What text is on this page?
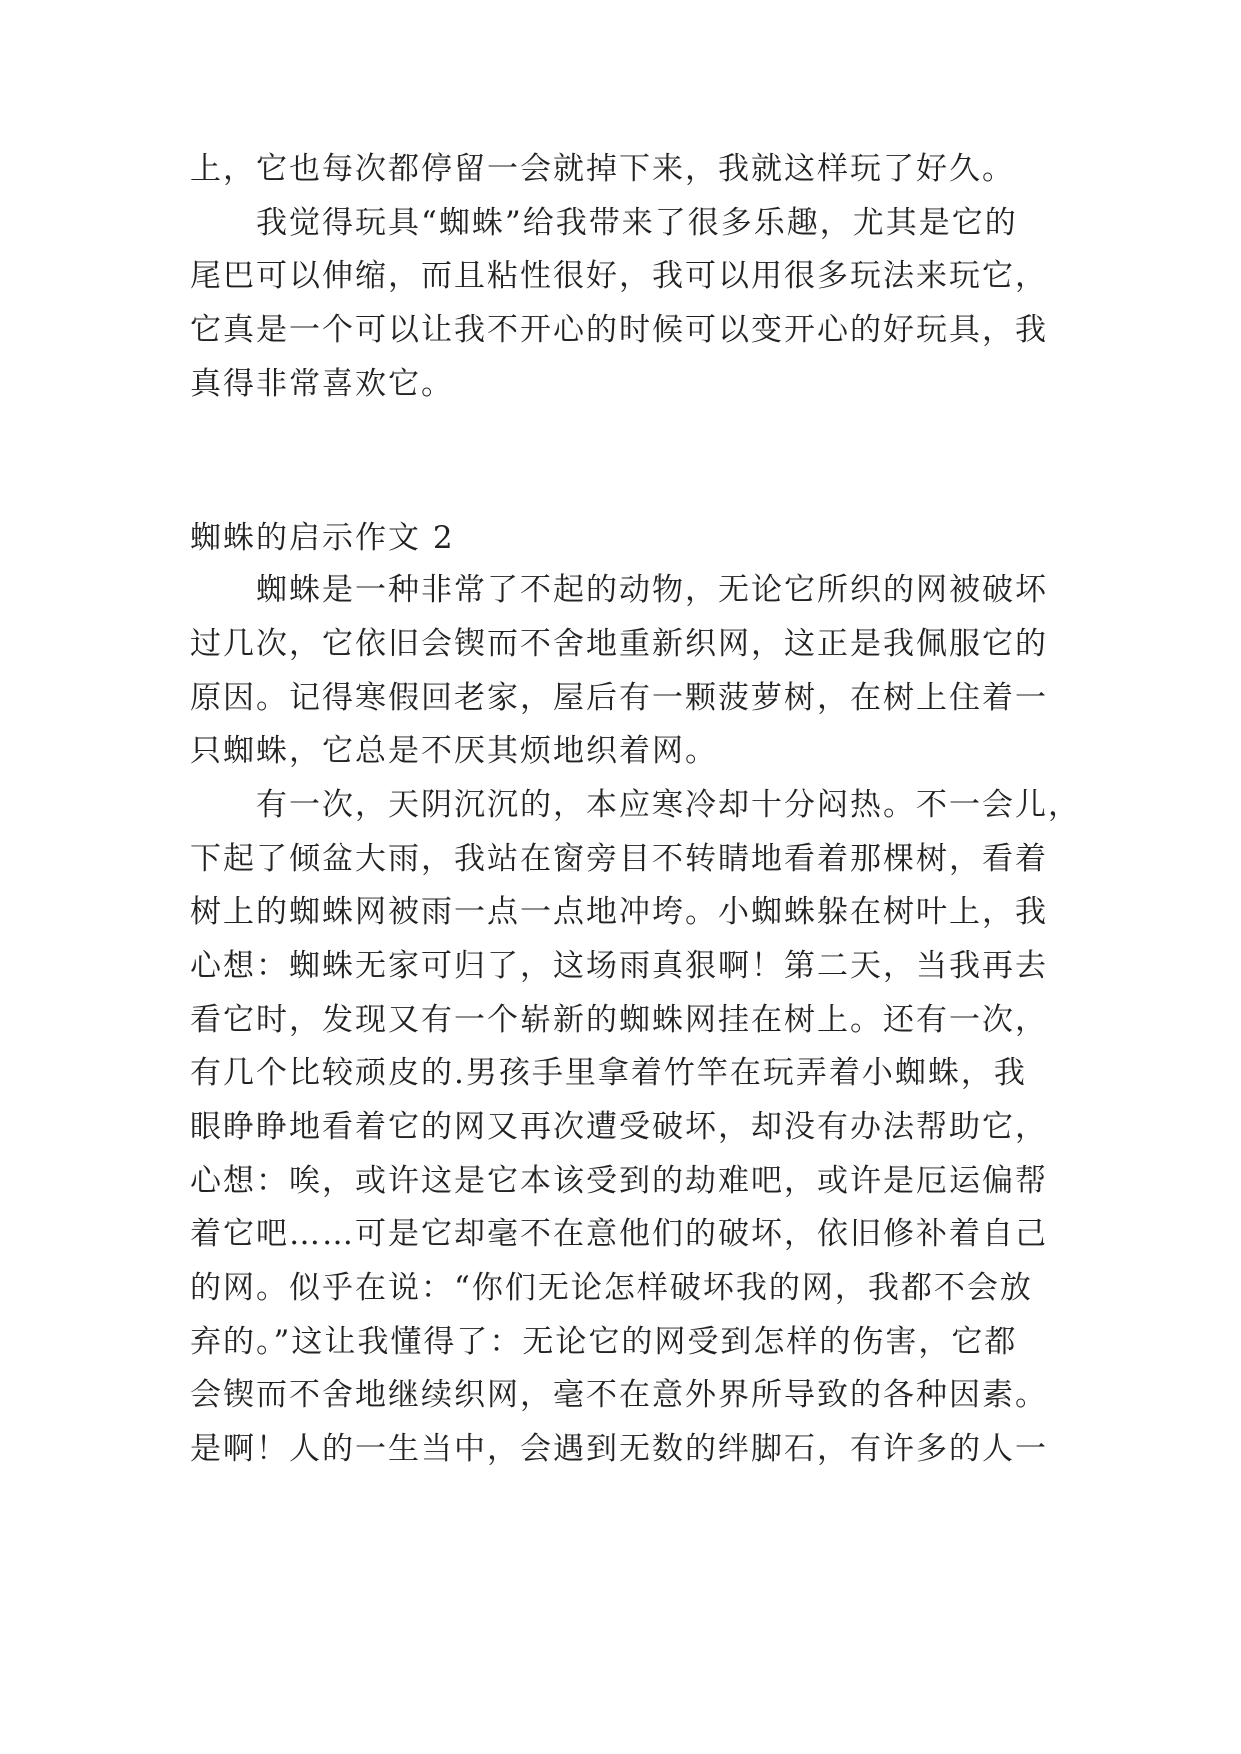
上，它也每次都停留一会就掉下来，我就这样玩了好久。
我觉得玩具“蜘蛛”给我带来了很多乐趣，尤其是它的
尾巴可以伸缩，而且粘性很好，我可以用很多玩法来玩它，
它真是一个可以让我不开心的时候可以变开心的好玩具，我
真得非常喜欢它。
蜘蛛的启示作文 2
蜘蛛是一种非常了不起的动物，无论它所织的网被破坏
过几次，它依旧会锲而不舍地重新织网，这正是我佩服它的
原因。记得寒假回老家，屋后有一颗菠萝树，在树上住着一
只蜘蛛，它总是不厌其烦地织着网。
有一次，天阴沉沉的，本应寒冷却十分闷热。不一会儿，
下起了倾盆大雨，我站在窗旁目不转睛地看着那棵树，看着
树上的蜘蛛网被雨一点一点地冲垮。小蜘蛛躲在树叶上，我
心想：蜘蛛无家可归了，这场雨真狠啊！第二天，当我再去
看它时，发现又有一个崭新的蜘蛛网挂在树上。还有一次，
有几个比较顽皮的.男孩手里拿着竹竿在玩弄着小蜘蛛，我
眼睁睁地看着它的网又再次遭受破坏，却没有办法帮助它，
心想：唉，或许这是它本该受到的劫难吧，或许是厄运偏帮
着它吧……可是它却毫不在意他们的破坏，依旧修补着自己
的网。似乎在说：“你们无论怎样破坏我的网，我都不会放
弃的。”这让我懂得了：无论它的网受到怎样的伤害，它都
会锲而不舍地继续织网，毫不在意外界所导致的各种因素。
是啊！人的一生当中，会遇到无数的绊脚石，有许多的人一
